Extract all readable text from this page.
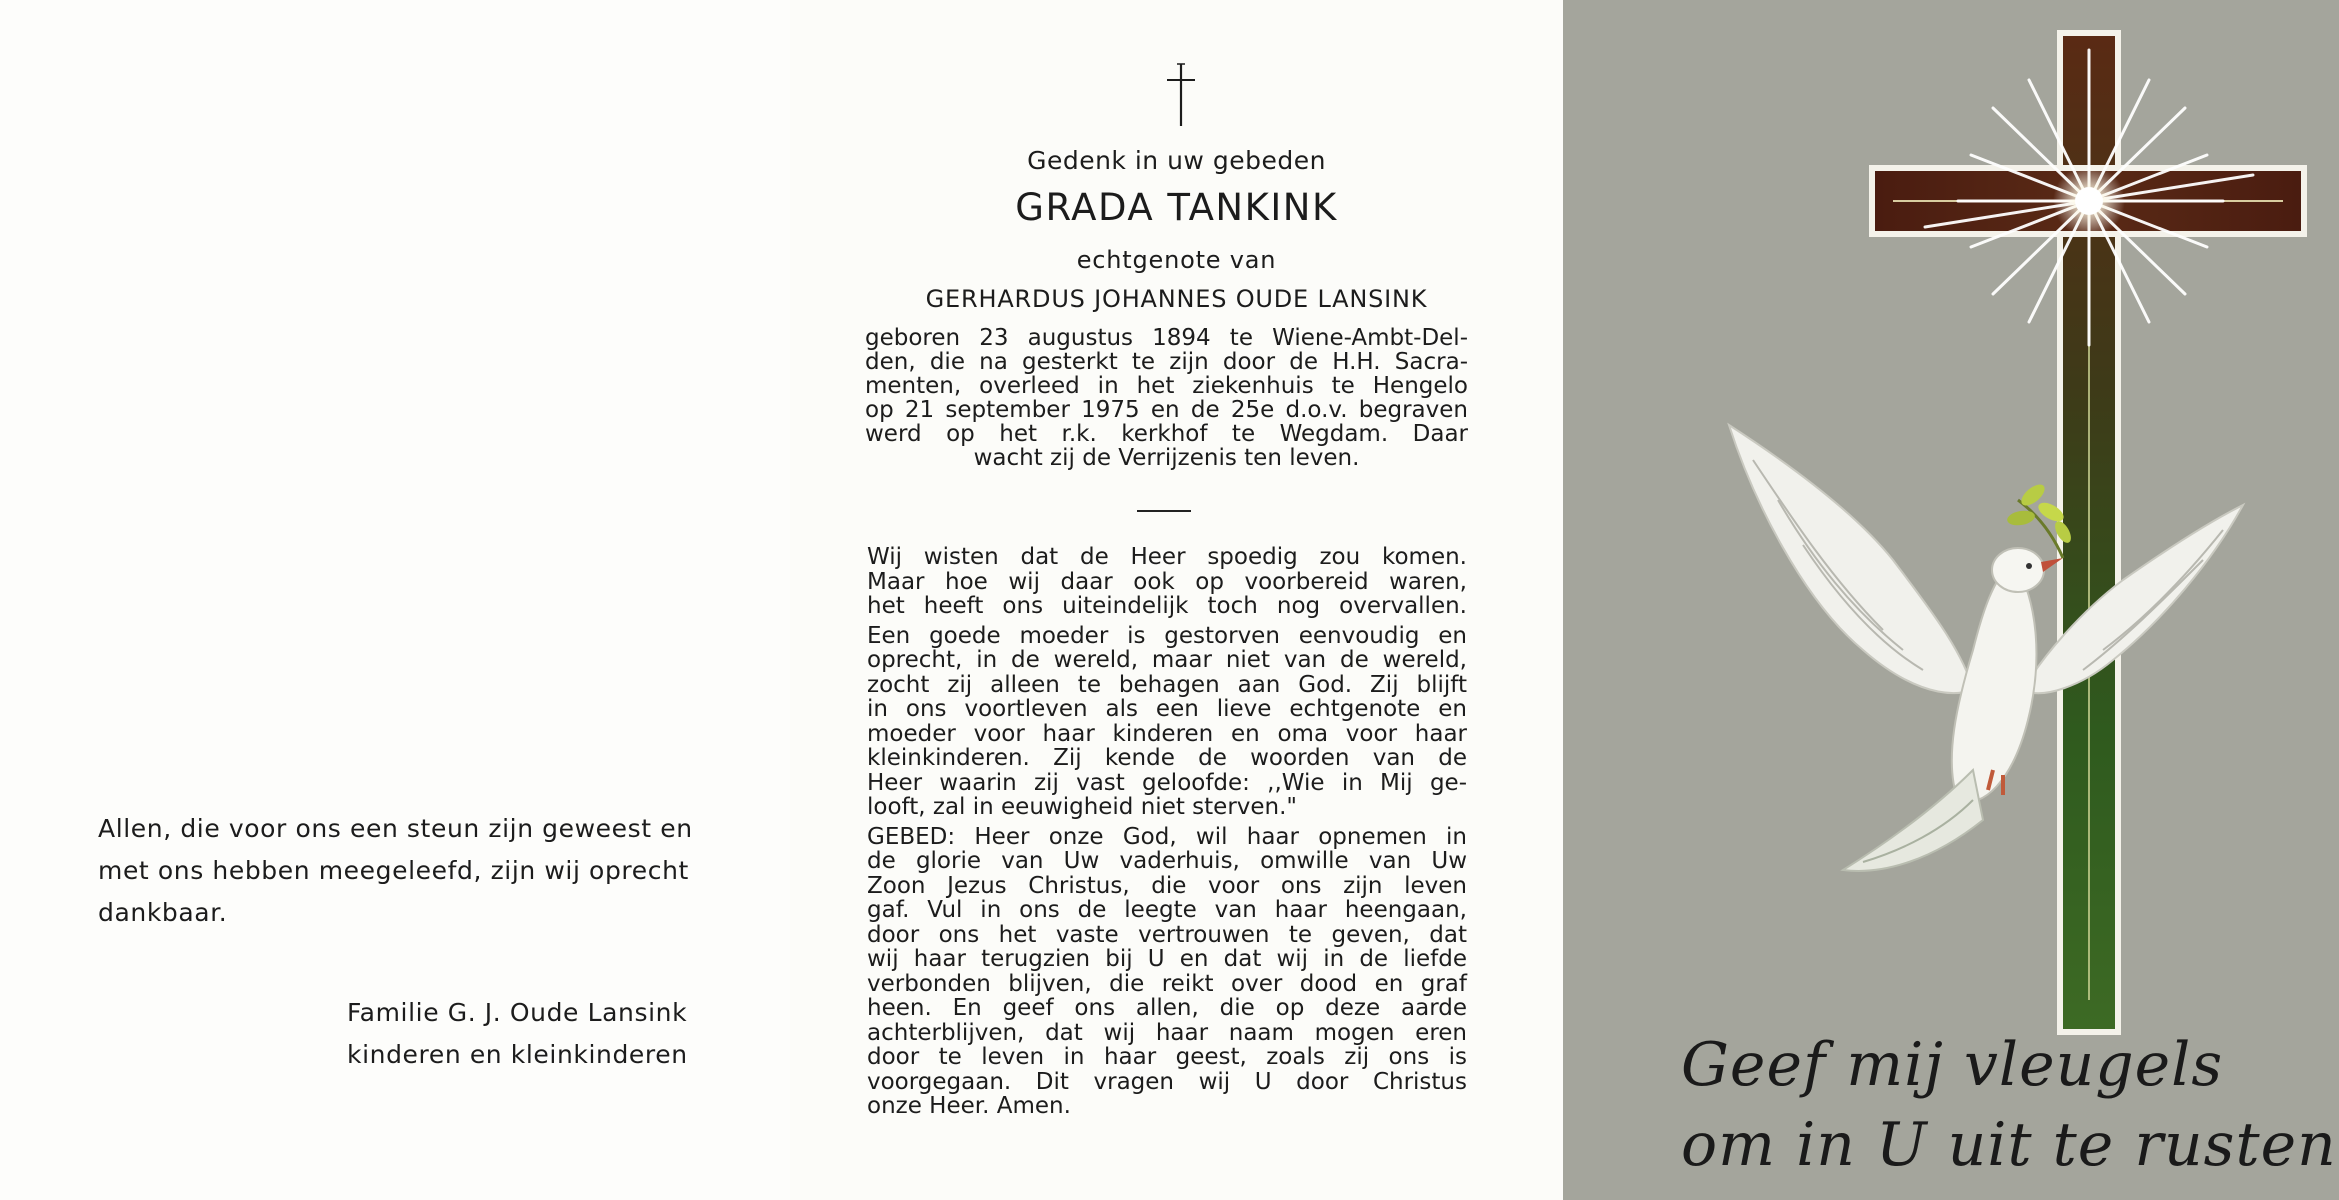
Allen, die voor ons een steun zijn geweest en met ons hebben meegeleefd, zijn wij oprecht dankbaar.
Familie G. J. Oude Lansink
kinderen en kleinkinderen
Gedenk in uw gebeden
GRADA TANKINK
echtgenote van
GERHARDUS JOHANNES OUDE LANSINK
geboren 23 augustus 1894 te Wiene-Ambt-Del-
den, die na gesterkt te zijn door de H.H. Sacra-
menten, overleed in het ziekenhuis te Hengelo
op 21 september 1975 en de 25e d.o.v. begraven
werd op het r.k. kerkhof te Wegdam. Daar
wacht zij de Verrijzenis ten leven.
Wij wisten dat de Heer spoedig zou komen.
Maar hoe wij daar ook op voorbereid waren,
het heeft ons uiteindelijk toch nog overvallen.
Een goede moeder is gestorven eenvoudig en
oprecht, in de wereld, maar niet van de wereld,
zocht zij alleen te behagen aan God. Zij blijft
in ons voortleven als een lieve echtgenote en
moeder voor haar kinderen en oma voor haar
kleinkinderen. Zij kende de woorden van de
Heer waarin zij vast geloofde: ,,Wie in Mij ge-
looft, zal in eeuwigheid niet sterven."
GEBED: Heer onze God, wil haar opnemen in
de glorie van Uw vaderhuis, omwille van Uw
Zoon Jezus Christus, die voor ons zijn leven
gaf. Vul in ons de leegte van haar heengaan,
door ons het vaste vertrouwen te geven, dat
wij haar terugzien bij U en dat wij in de liefde
verbonden blijven, die reikt over dood en graf
heen. En geef ons allen, die op deze aarde
achterblijven, dat wij haar naam mogen eren
door te leven in haar geest, zoals zij ons is
voorgegaan. Dit vragen wij U door Christus
onze Heer. Amen.
Geef mij vleugels
om in U uit te rusten
